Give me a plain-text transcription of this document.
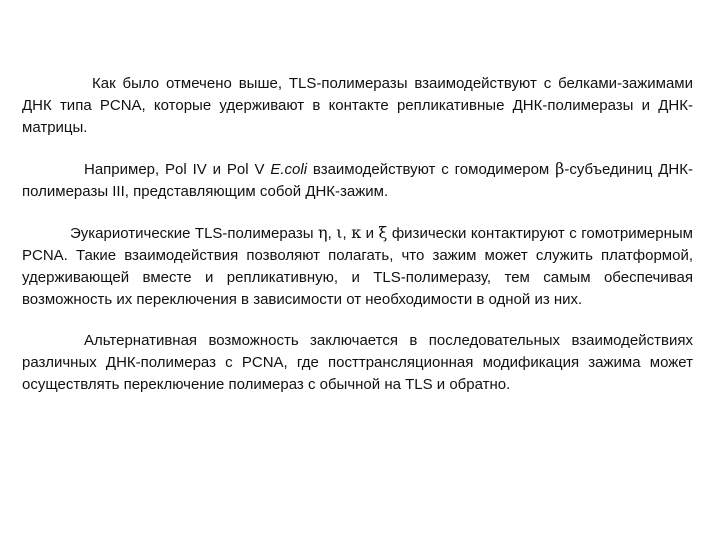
Как было отмечено выше, TLS-полимеразы взаимодействуют с белками-зажимами ДНК типа PCNA, которые удерживают в контакте репликативные ДНК-полимеразы и ДНК-матрицы.

Например, Pol IV и Pol V E.coli взаимодействуют с гомодимером β-субъединиц ДНК-полимеразы III, представляющим собой ДНК-зажим.

Эукариотические TLS-полимеразы η, ι, κ и ξ физически контактируют с гомотримерным PCNA. Такие взаимодействия позволяют полагать, что зажим может служить платформой, удерживающей вместе и репликативную, и TLS-полимеразу, тем самым обеспечивая возможность их переключения в зависимости от необходимости в одной из них.

Альтернативная возможность заключается в последовательных взаимодействиях различных ДНК-полимераз с PCNA, где посттрансляционная модификация зажима может осуществлять переключение полимераз с обычной на TLS и обратно.
